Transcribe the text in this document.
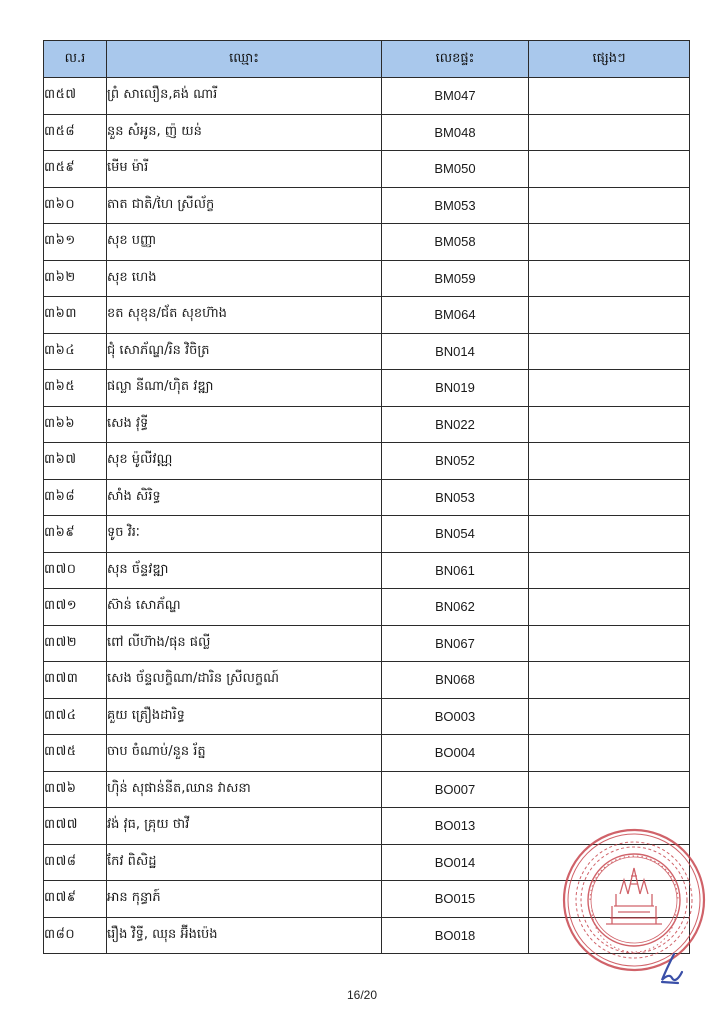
ល.រ	ឈ្មោះ	លេខផ្ទះ	ផ្សេងៗ
៣៥៧	ព្រំ សាលឿន,គង់ ណារី	BM047	
៣៥៨	នួន សំអូន, ញ៉ យន់	BM048	
៣៥៩	មើម ម៉ារី	BM050	
៣៦០	តាត ជាតិ/ហៃ ស្រីល័ក្ខ	BM053	
៣៦១	សុខ បញ្ញា	BM058	
៣៦២	សុខ ហេង	BM059	
៣៦៣	ខត សុខុន/ជ័ត សុខហ៊ាង	BM064	
៣៦៤	ជុំ សោភ័ណ្ឌ/រិន វិចិត្រ	BN014	
៣៦៥	ផល្លា នីណា/ហ៊ិត វឌ្ឍា	BN019	
៣៦៦	សេង វុទ្ធី	BN022	
៣៦៧	សុខ ម៉ូលីវណ្ណ	BN052	
៣៦៨	សាំង សិរិទ្ធ	BN053	
៣៦៩	ទូច វិរៈ	BN054	
៣៧០	សុន ច័ន្ទវឌ្ឍា	BN061	
៣៧១	ស៊ាន់ សោភ័ណ្ឌ	BN062	
៣៧២	ពៅ លីហ៊ាង/ផុន ផល្លី	BN067	
៣៧៣	សេង ច័ន្ទលក្ខិណា/ដារិន ស្រីលក្ខណ៍	BN068	
៣៧៤	គួយ ត្រឿងដារិទ្ធ	BO003	
៣៧៥	ចាប ចំណាប់/នួន រ័ត្ន	BO004	
៣៧៦	ហ៊ិន់ សុផាន់នីត,ឈាន វាសនា	BO007	
៣៧៧	វង់ វុធ, គ្រុយ ថាវី	BO013	
៣៧៨	កែវ ពិសិដ្ឋ	BO014	
៣៧៩	អាន កុន្ធាភ៍	BO015	
៣៨០	រឿង វិទ្ធី, ឈុន អ៊ីងប៉េង	BO018	
16/20
